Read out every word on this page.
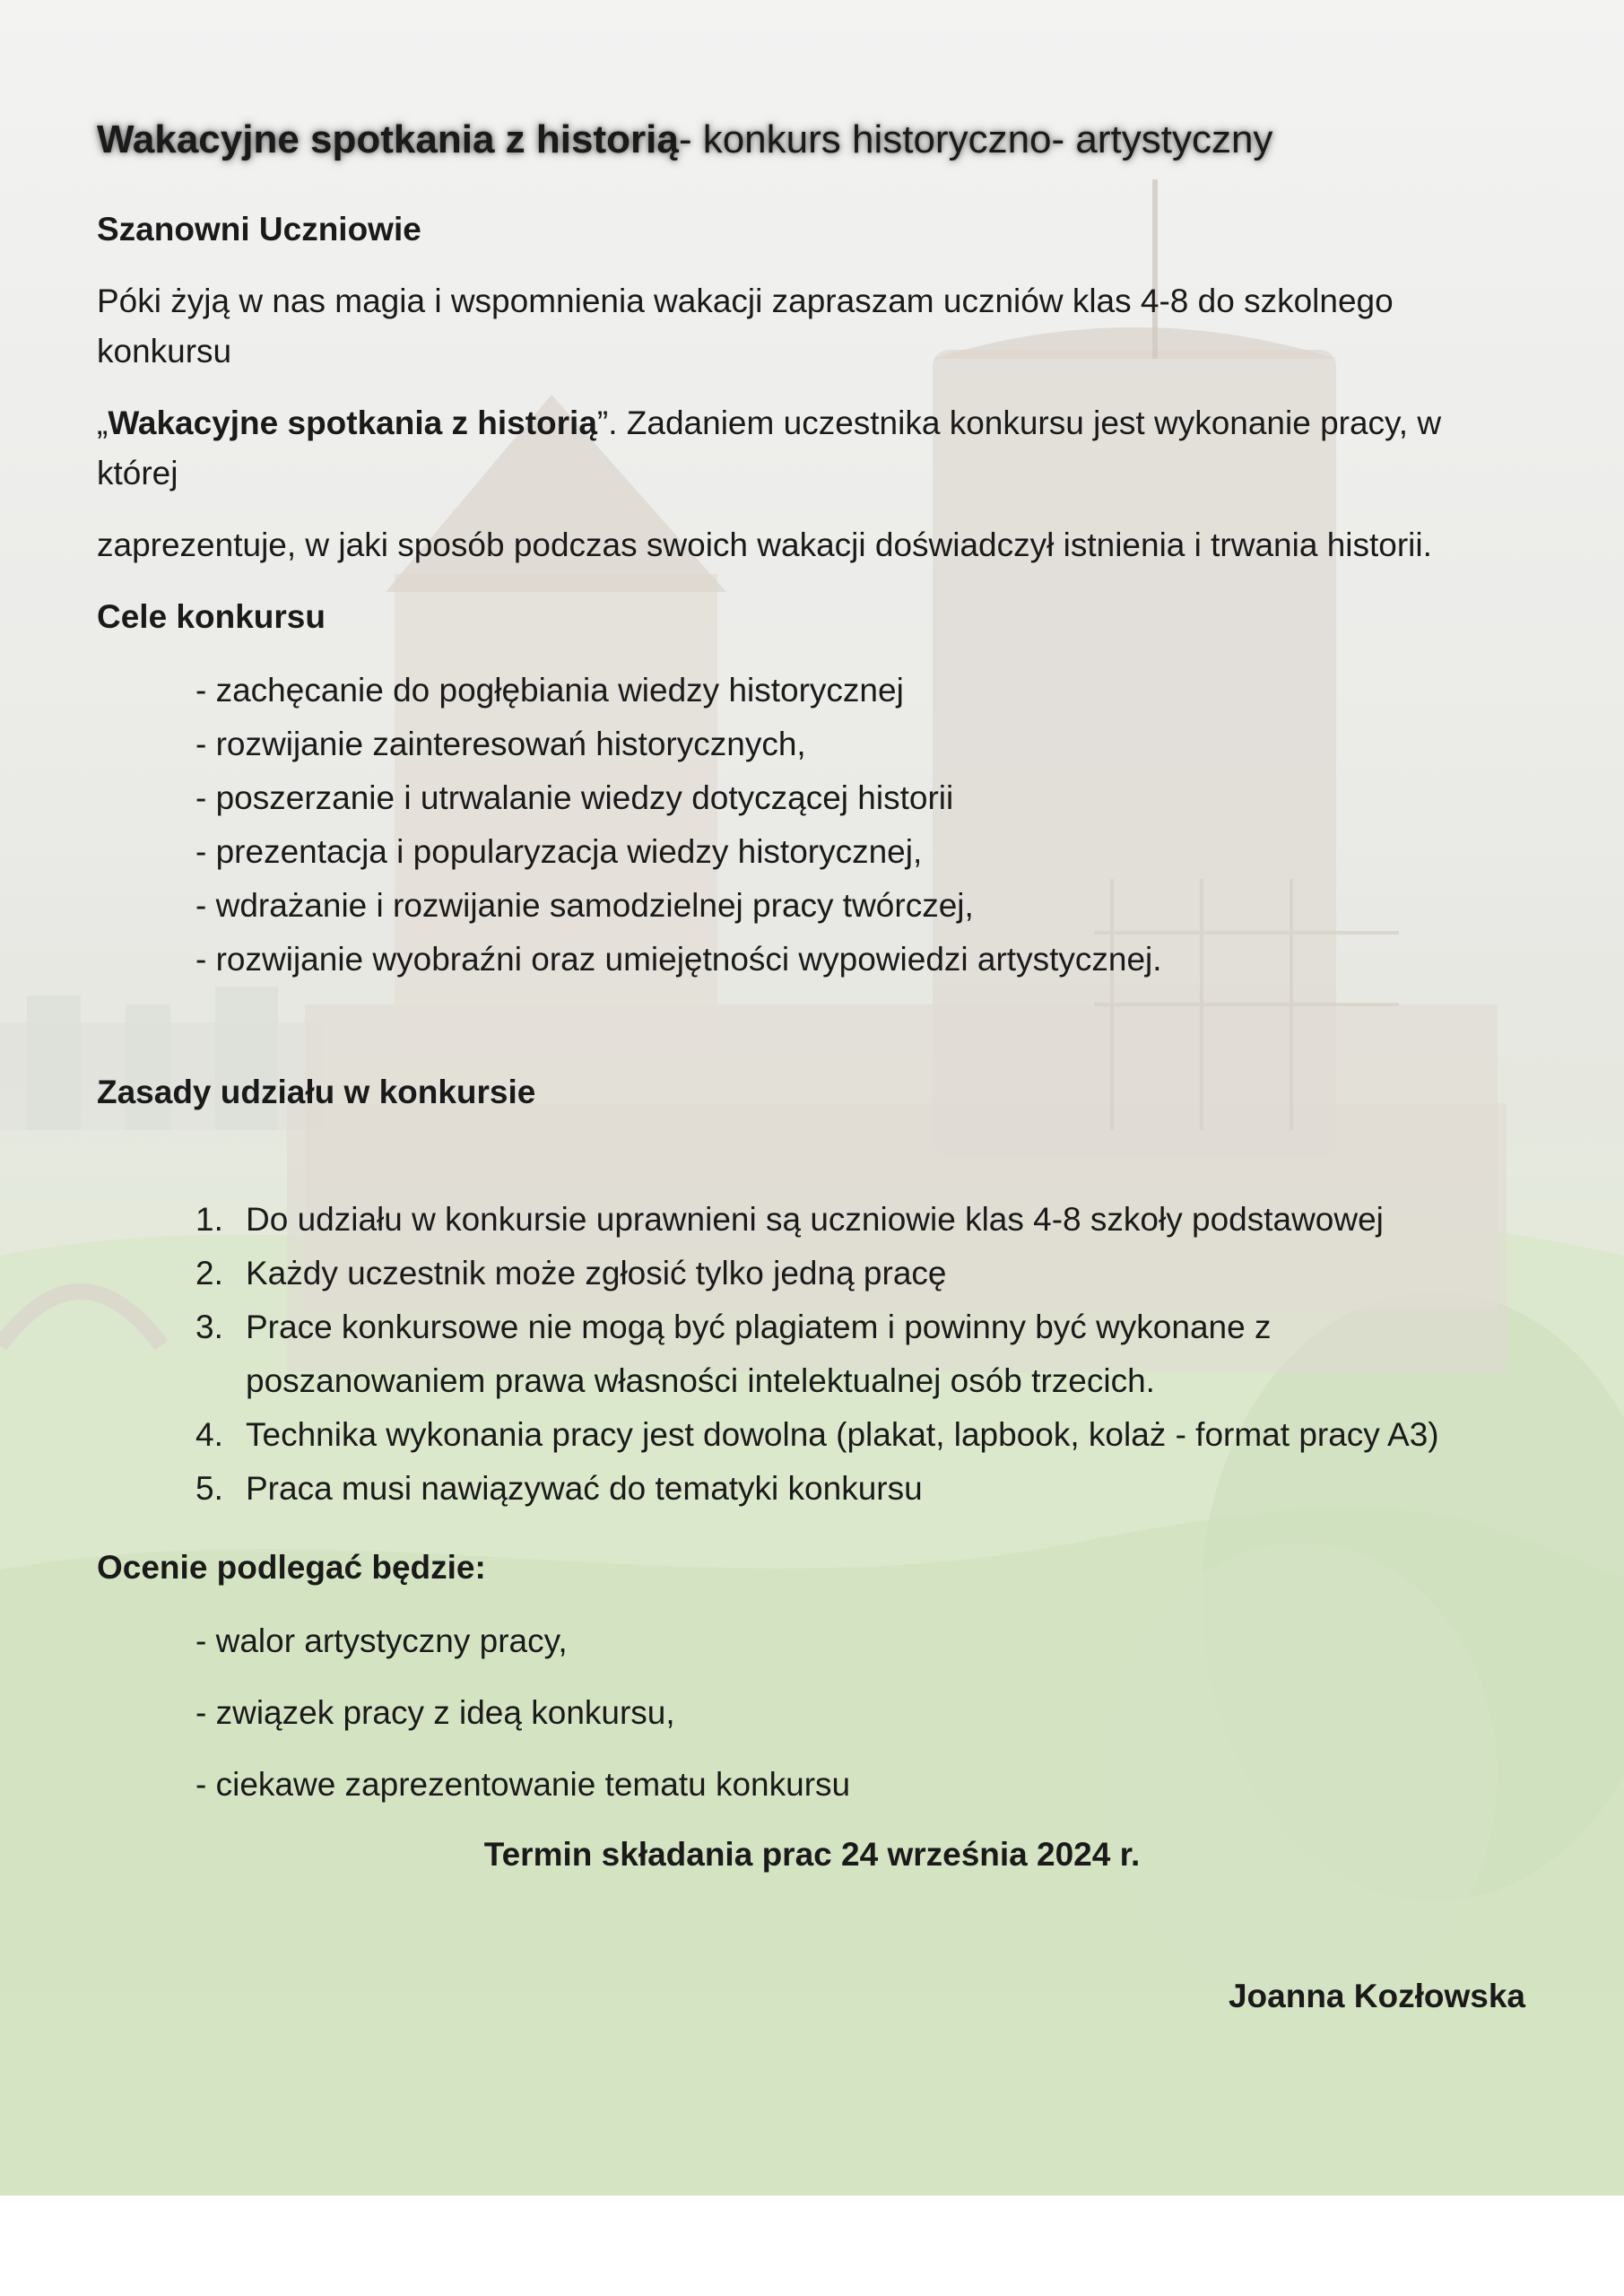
Wakacyjne spotkania z historią- konkurs historyczno- artystyczny
Szanowni Uczniowie
Póki żyją w nas magia i wspomnienia wakacji zapraszam uczniów klas 4-8 do szkolnego
konkursu
„Wakacyjne spotkania z historią”. Zadaniem uczestnika konkursu jest wykonanie pracy, w
której
zaprezentuje, w jaki sposób podczas swoich wakacji doświadczył istnienia i trwania historii.
Cele konkursu
- zachęcanie do pogłębiania wiedzy historycznej
- rozwijanie zainteresowań historycznych,
- poszerzanie i utrwalanie wiedzy dotyczącej historii
- prezentacja i popularyzacja wiedzy historycznej,
- wdrażanie i rozwijanie samodzielnej pracy twórczej,
- rozwijanie wyobraźni oraz umiejętności wypowiedzi artystycznej.
Zasady udziału w konkursie
1. Do udziału w konkursie uprawnieni są uczniowie klas 4-8 szkoły podstawowej
2. Każdy uczestnik może zgłosić tylko jedną pracę
3. Prace konkursowe nie mogą być plagiatem i powinny być wykonane z poszanowaniem prawa własności intelektualnej osób trzecich.
4. Technika wykonania pracy jest dowolna (plakat, lapbook, kolaż - format pracy A3)
5. Praca musi nawiązywać do tematyki konkursu
Ocenie podlegać będzie:
- walor artystyczny pracy,
- związek pracy z ideą konkursu,
- ciekawe zaprezentowanie tematu konkursu
Termin składania prac 24 września 2024 r.
Joanna Kozłowska
